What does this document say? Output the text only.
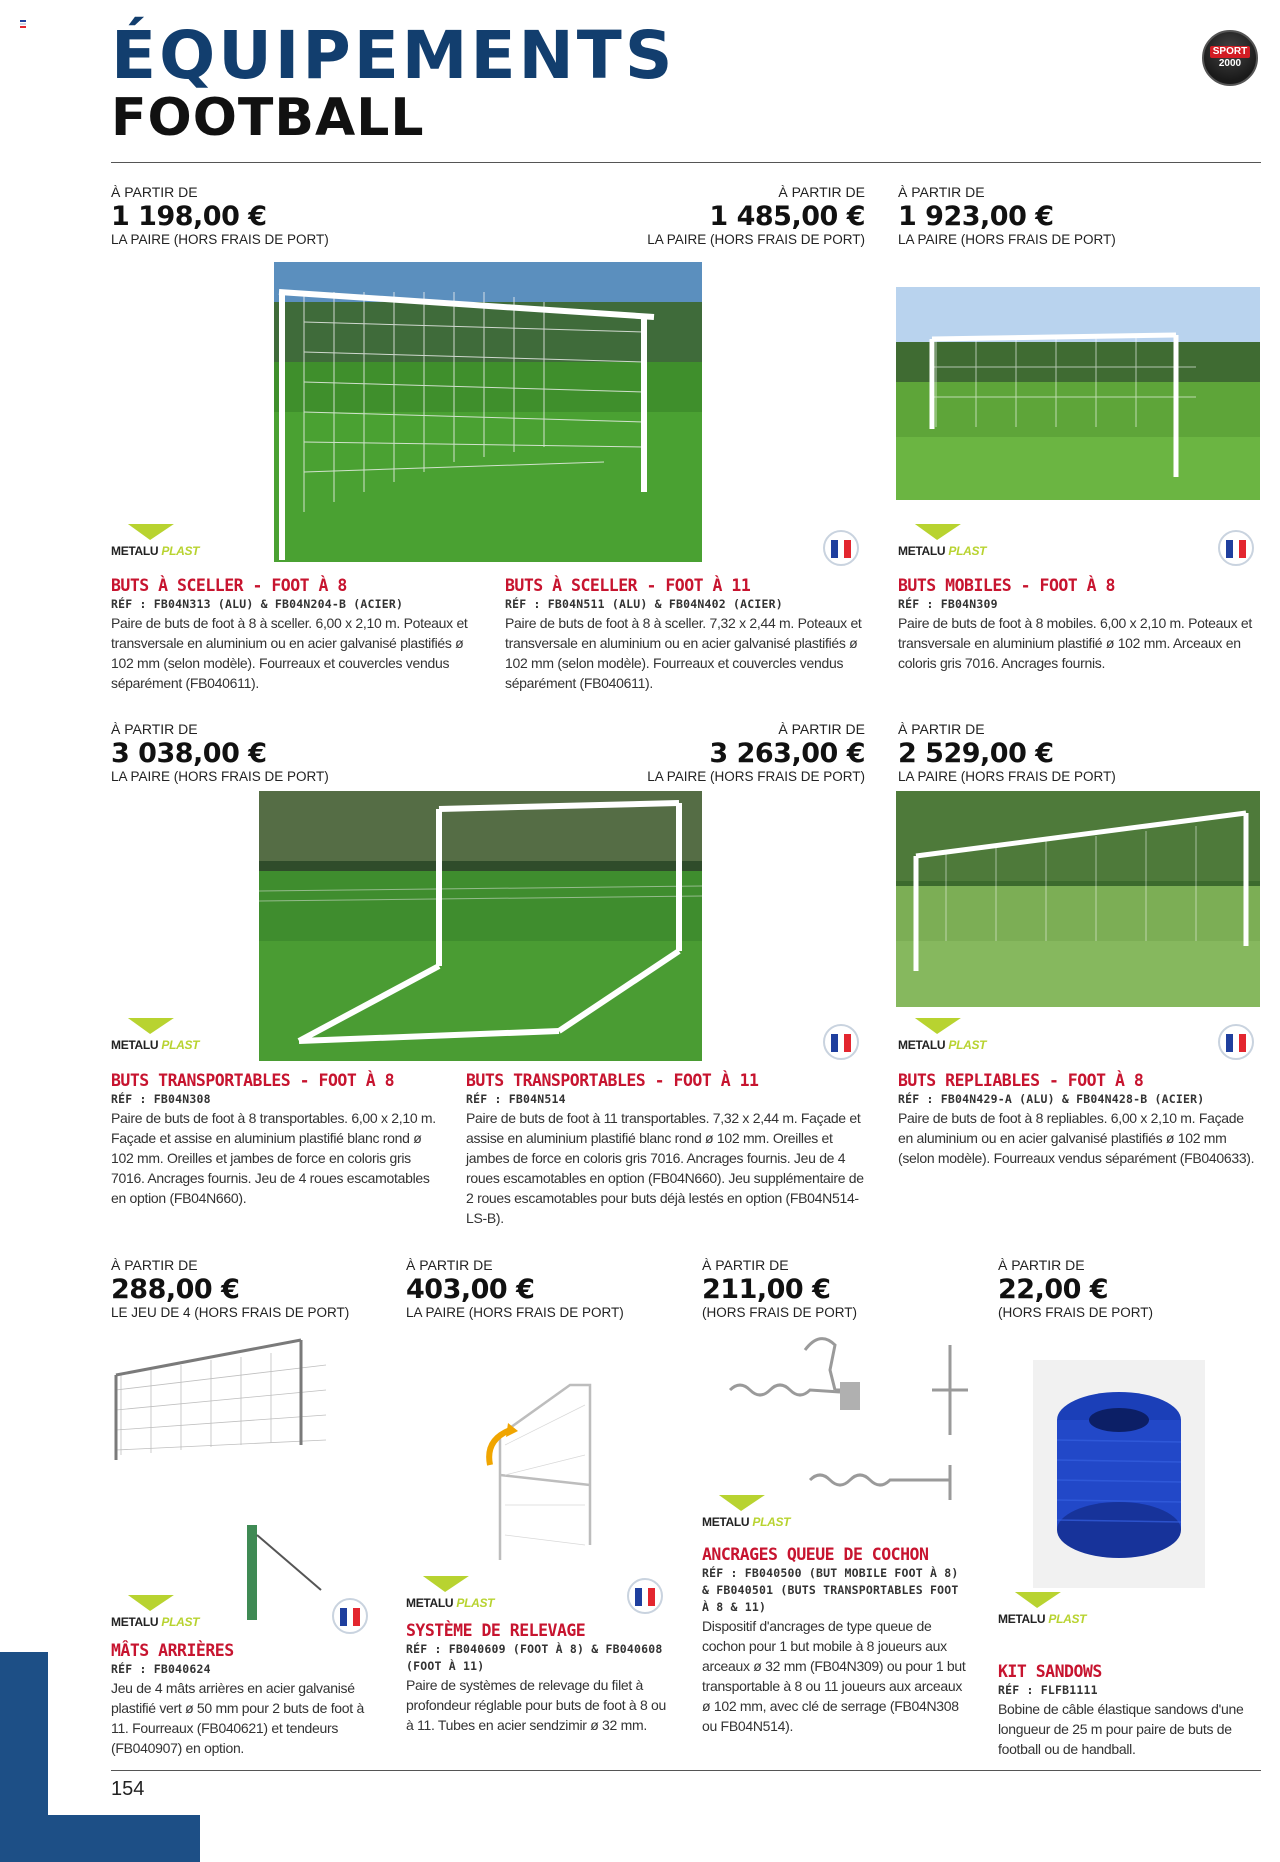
ÉQUIPEMENTS
FOOTBALL
SPORT
2000
À PARTIR DE
1 198,00 €
LA PAIRE (HORS FRAIS DE PORT)
À PARTIR DE
1 485,00 €
LA PAIRE (HORS FRAIS DE PORT)
À PARTIR DE
1 923,00 €
LA PAIRE (HORS FRAIS DE PORT)
METALU PLAST	METALU PLAST
BUTS À SCELLER - FOOT À 8
RÉF : FB04N313 (ALU) & FB04N204-B (ACIER)
Paire de buts de foot à 8 à sceller. 6,00 x 2,10 m. Poteaux et transversale en aluminium ou en acier galvanisé plastifiés ø 102 mm (selon modèle). Fourreaux et couvercles vendus séparément (FB040611).
BUTS À SCELLER - FOOT À 11
RÉF : FB04N511 (ALU) & FB04N402 (ACIER)
Paire de buts de foot à 8 à sceller. 7,32 x 2,44 m. Poteaux et transversale en aluminium ou en acier galvanisé plastifiés ø 102 mm (selon modèle). Fourreaux et couvercles vendus séparément (FB040611).
BUTS MOBILES - FOOT À 8
RÉF : FB04N309
Paire de buts de foot à 8 mobiles. 6,00 x 2,10 m. Poteaux et transversale en aluminium plastifié ø 102 mm. Arceaux en coloris gris 7016. Ancrages fournis.
À PARTIR DE
3 038,00 €
LA PAIRE (HORS FRAIS DE PORT)
À PARTIR DE
3 263,00 €
LA PAIRE (HORS FRAIS DE PORT)
À PARTIR DE
2 529,00 €
LA PAIRE (HORS FRAIS DE PORT)
METALU PLAST	METALU PLAST
BUTS TRANSPORTABLES - FOOT À 8
RÉF : FB04N308
Paire de buts de foot à 8 transportables. 6,00 x 2,10 m. Façade et assise en aluminium plastifié blanc rond ø 102 mm. Oreilles et jambes de force en coloris gris 7016. Ancrages fournis. Jeu de 4 roues escamotables en option (FB04N660).
BUTS TRANSPORTABLES - FOOT À 11
RÉF : FB04N514
Paire de buts de foot à 11 transportables. 7,32 x 2,44 m. Façade et assise en aluminium plastifié blanc rond ø 102 mm. Oreilles et jambes de force en coloris gris 7016. Ancrages fournis. Jeu de 4 roues escamotables en option (FB04N660). Jeu supplémentaire de 2 roues escamotables pour buts déjà lestés en option (FB04N514-LS-B).
BUTS REPLIABLES - FOOT À 8
RÉF : FB04N429-A (ALU) & FB04N428-B (ACIER)
Paire de buts de foot à 8 repliables. 6,00 x 2,10 m. Façade en aluminium ou en acier galvanisé plastifiés ø 102 mm (selon modèle). Fourreaux vendus séparément (FB040633).
À PARTIR DE
288,00 €
LE JEU DE 4 (HORS FRAIS DE PORT)
À PARTIR DE
403,00 €
LA PAIRE (HORS FRAIS DE PORT)
À PARTIR DE
211,00 €
(HORS FRAIS DE PORT)
À PARTIR DE
22,00 €
(HORS FRAIS DE PORT)
METALU PLAST
METALU PLAST
METALU PLAST
METALU PLAST
MÂTS ARRIÈRES
RÉF : FB040624
Jeu de 4 mâts arrières en acier galvanisé plastifié vert ø 50 mm pour 2 buts de foot à 11. Fourreaux (FB040621) et tendeurs (FB040907) en option.
SYSTÈME DE RELEVAGE
RÉF : FB040609 (FOOT À 8) & FB040608 (FOOT À 11)
Paire de systèmes de relevage du filet à profondeur réglable pour buts de foot à 8 ou à 11. Tubes en acier sendzimir ø 32 mm.
ANCRAGES QUEUE DE COCHON
RÉF : FB040500 (BUT MOBILE FOOT À 8) & FB040501 (BUTS TRANSPORTABLES FOOT À 8 & 11)
Dispositif d'ancrages de type queue de cochon pour 1 but mobile à 8 joueurs aux arceaux ø 32 mm (FB04N309) ou pour 1 but transportable à 8 ou 11 joueurs aux arceaux ø 102 mm, avec clé de serrage (FB04N308 ou FB04N514).
KIT SANDOWS
RÉF : FLFB1111
Bobine de câble élastique sandows d'une longueur de 25 m pour paire de buts de football ou de handball.
154
